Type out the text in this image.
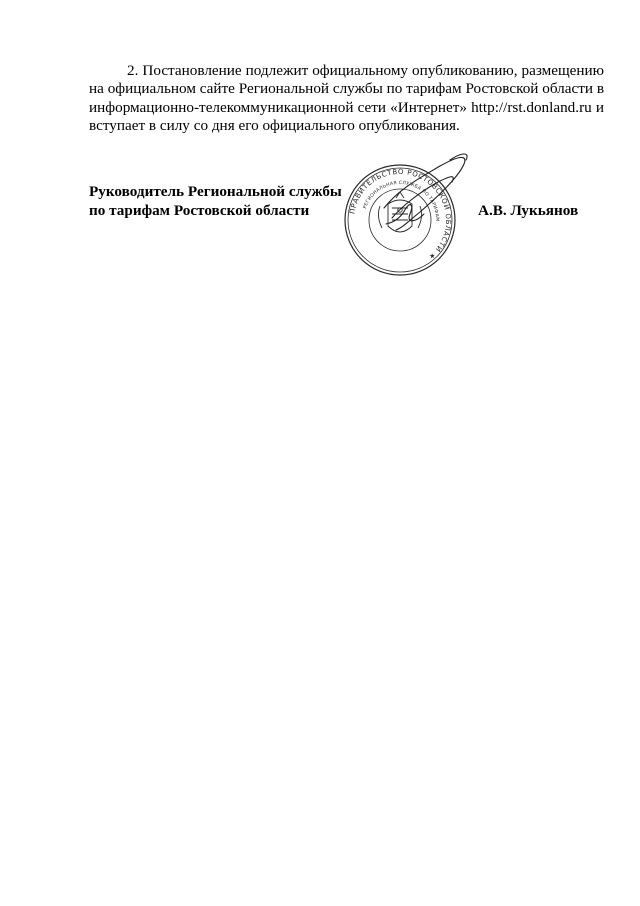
2. Постановление подлежит официальному опубликованию, размещению на официальном сайте Региональной службы по тарифам Ростовской области в информационно-телекоммуникационной сети «Интернет» http://rst.donland.ru и вступает в силу со дня его официального опубликования.

Руководитель Региональной службы
по тарифам Ростовской области	ПРАВИТЕЛЬСТВО РОСТОВСКОЙ ОБЛАСТИ ★
РЕГИОНАЛЬНАЯ СЛУЖБА ПО ТАРИФАМ
А.В. Лукьянов
